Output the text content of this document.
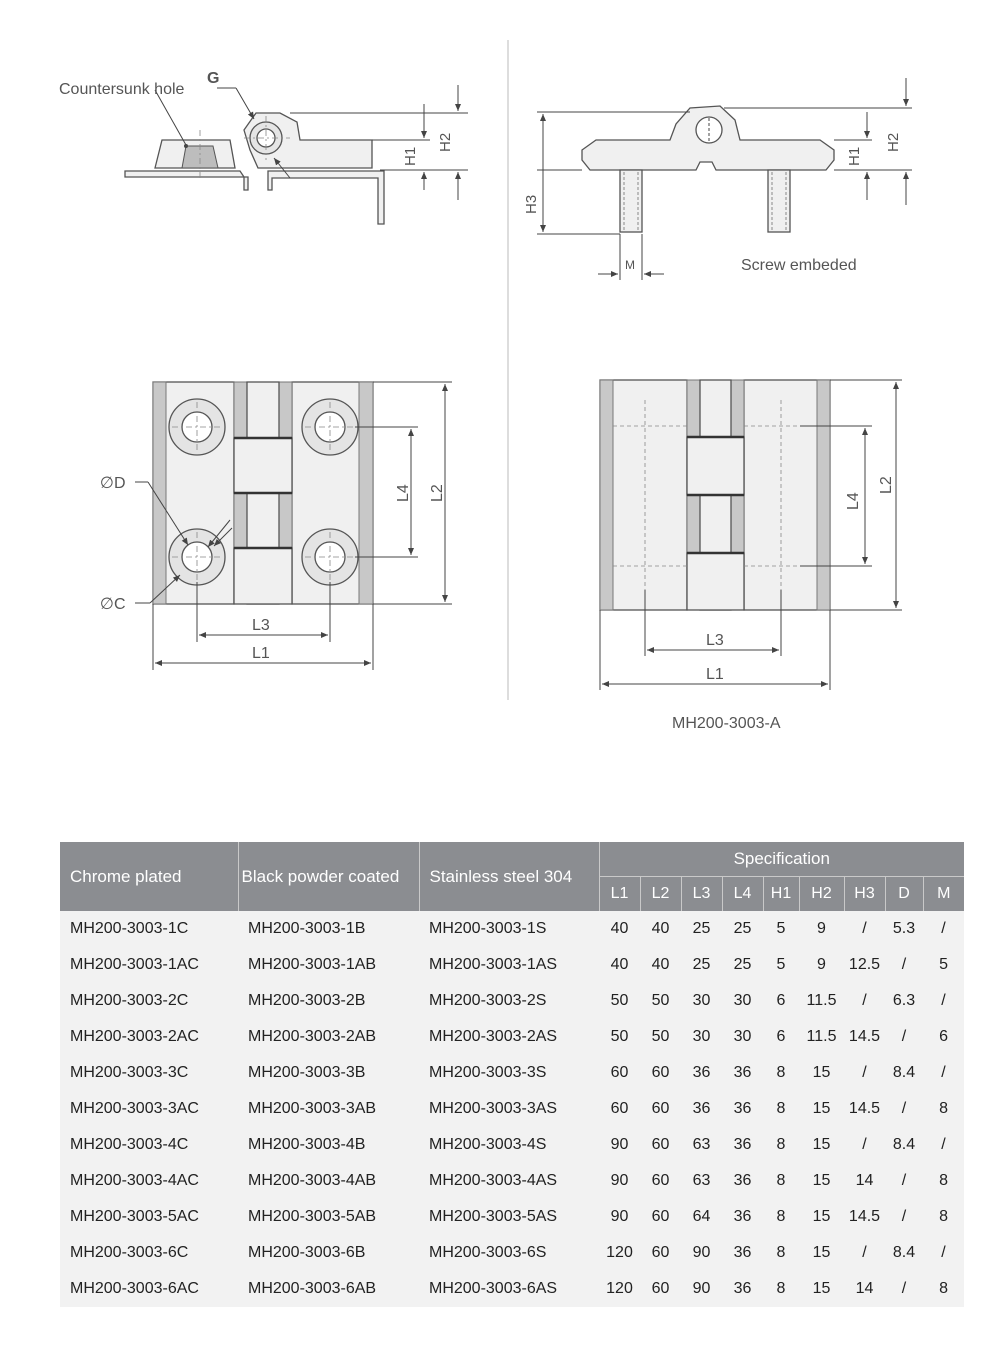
Countersunk hole
G
H1
H2
H3
H1
H2
M	Screw embeded
∅D
∅C
L4 L2
L3
L1
L4
L2
L3
L1
MH200-3003-A
Chrome plated	Black powder coated	Stainless steel 304	Specification								
			L1	L2	L3	L4	H1	H2	H3	D	M
MH200-3003-1C	MH200-3003-1B	MH200-3003-1S	40	40	25	25	5	9	/	5.3	/
MH200-3003-1AC	MH200-3003-1AB	MH200-3003-1AS	40	40	25	25	5	9	12.5	/	5
MH200-3003-2C	MH200-3003-2B	MH200-3003-2S	50	50	30	30	6	11.5	/	6.3	/
MH200-3003-2AC	MH200-3003-2AB	MH200-3003-2AS	50	50	30	30	6	11.5	14.5	/	6
MH200-3003-3C	MH200-3003-3B	MH200-3003-3S	60	60	36	36	8	15	/	8.4	/
MH200-3003-3AC	MH200-3003-3AB	MH200-3003-3AS	60	60	36	36	8	15	14.5	/	8
MH200-3003-4C	MH200-3003-4B	MH200-3003-4S	90	60	63	36	8	15	/	8.4	/
MH200-3003-4AC	MH200-3003-4AB	MH200-3003-4AS	90	60	63	36	8	15	14	/	8
MH200-3003-5AC	MH200-3003-5AB	MH200-3003-5AS	90	60	64	36	8	15	14.5	/	8
MH200-3003-6C	MH200-3003-6B	MH200-3003-6S	120	60	90	36	8	15	/	8.4	/
MH200-3003-6AC	MH200-3003-6AB	MH200-3003-6AS	120	60	90	36	8	15	14	/	8
